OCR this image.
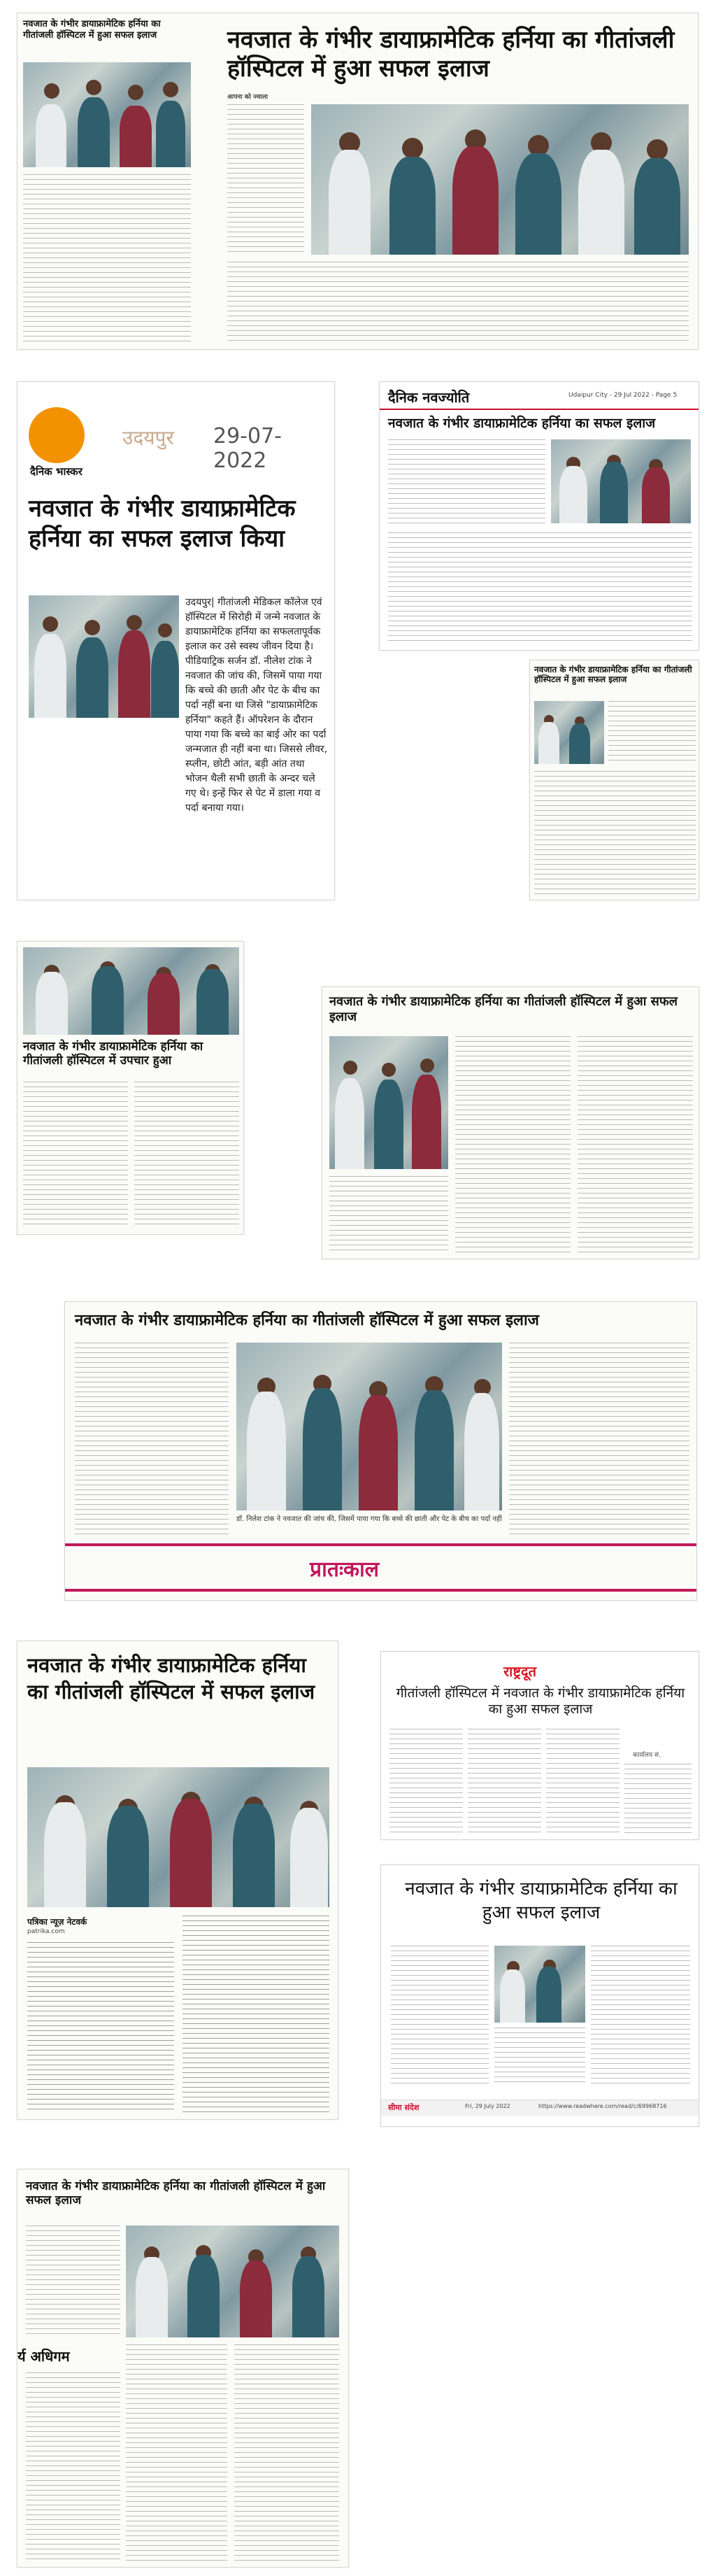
नवजात के गंभीर डायाफ्रामेटिक हर्निया का गीतांजली हॉस्पिटल में हुआ सफल इलाज	नवजात के गंभीर डायाफ्रामेटिक हर्निया का गीतांजली हॉस्पिटल में हुआ सफल इलाज
आपना को ज्वाला
दैनिक भास्कर
उदयपुर 29-07-2022
नवजात के गंभीर डायाफ्रामेटिक हर्निया का सफल इलाज किया
उदयपुर| गीतांजली मेडिकल कॉलेज एवं हॉस्पिटल में सिरोही में जन्मे नवजात के डायाफ्रामेटिक हर्निया का सफलतापूर्वक इलाज कर उसे स्वस्थ जीवन दिया है। पीडियाट्रिक सर्जन डॉ. नीलेश टांक ने नवजात की जांच की, जिसमें पाया गया कि बच्चे की छाती और पेट के बीच का पर्दा नहीं बना था जिसे "डायाफ्रामेटिक हर्निया" कहते हैं। ऑपरेशन के दौरान पाया गया कि बच्चे का बाई ओर का पर्दा जन्मजात ही नहीं बना था। जिससे लीवर, स्प्लीन, छोटी आंत, बड़ी आंत तथा भोजन थैली सभी छाती के अन्दर चले गए थे। इन्हें फिर से पेट में डाला गया व पर्दा बनाया गया।
दैनिक नवज्योति	Udaipur City - 29 Jul 2022 - Page 5
नवजात के गंभीर डायाफ्रामेटिक हर्निया का सफल इलाज
नवजात के गंभीर डायाफ्रामेटिक हर्निया का गीतांजली हॉस्पिटल में हुआ सफल इलाज
नवजात के गंभीर डायाफ्रामेटिक हर्निया का गीतांजली हॉस्पिटल में उपचार हुआ
नवजात के गंभीर डायाफ्रामेटिक हर्निया का गीतांजली हॉस्पिटल में हुआ सफल इलाज
नवजात के गंभीर डायाफ्रामेटिक हर्निया का गीतांजली हॉस्पिटल में हुआ सफल इलाज
डॉ. निलेश टांक ने नवजात की जांच की, जिसमें पाया गया कि बच्चे की छाती और पेट के बीच का पर्दा नहीं
प्रातःकाल
नवजात के गंभीर डायाफ्रामेटिक हर्निया का गीतांजली हॉस्पिटल में सफल इलाज
पत्रिका न्यूज़ नेटवर्क
patrika.com
राष्ट्रदूत
गीतांजली हॉस्पिटल में नवजात के गंभीर डायाफ्रामेटिक हर्निया का हुआ सफल इलाज
कार्यालय सं.
नवजात के गंभीर डायाफ्रामेटिक हर्निया का हुआ सफल इलाज
सीमा संदेश	Fri, 29 July 2022	https://www.readwhere.com/read/c/69968716
नवजात के गंभीर डायाफ्रामेटिक हर्निया का गीतांजली हॉस्पिटल में हुआ सफल इलाज
र्य अधिगम
